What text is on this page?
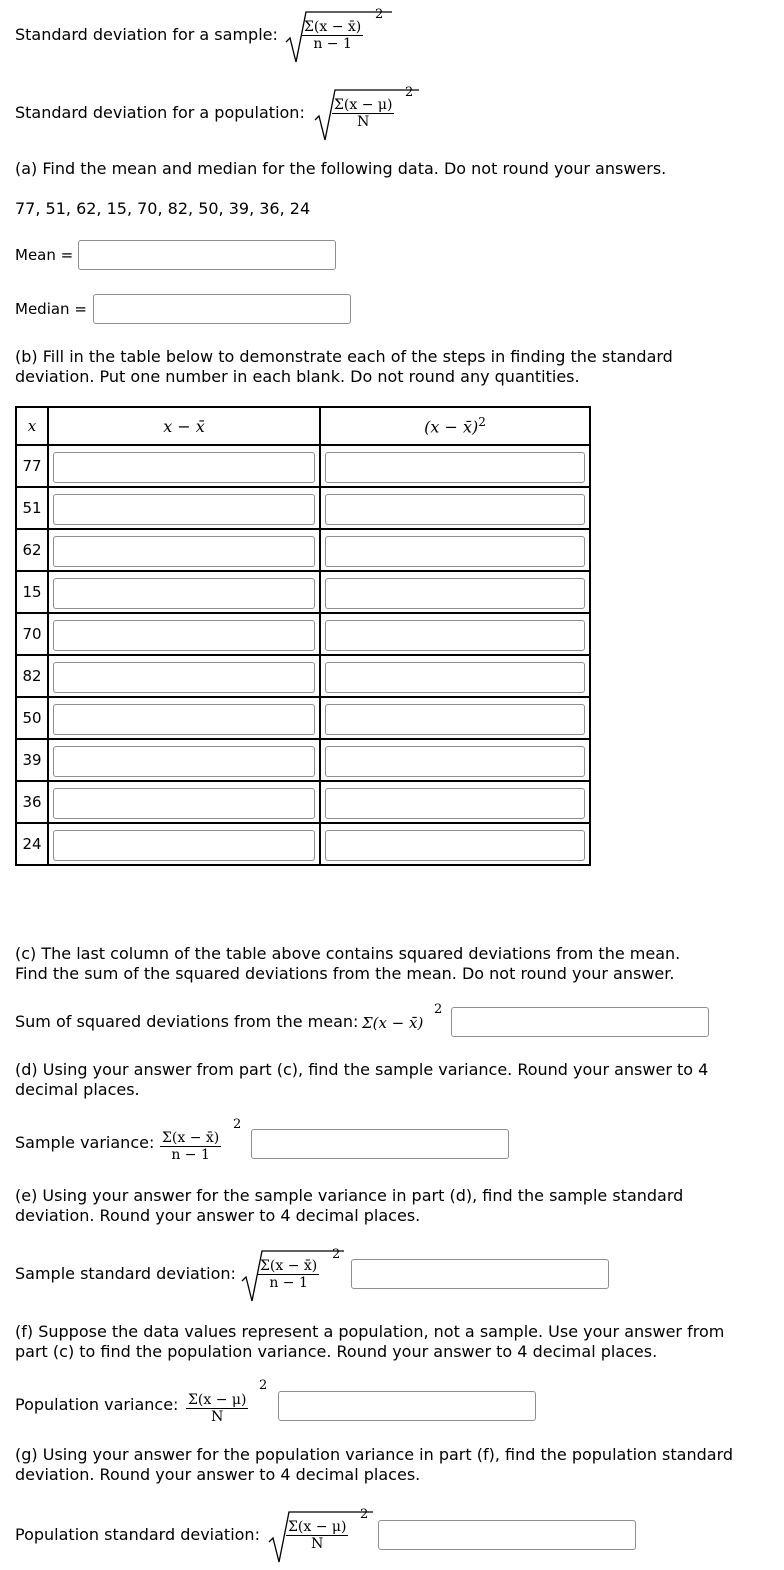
Standard deviation for a sample: $\frac{\Sigma(x - x̄)}{n - 1}$
2
Standard deviation for a population: $\frac{\Sigma(x - \mu)}{N}$
2
(a) Find the mean and median for the following data. Do not round your answers.
77, 51, 62, 15, 70, 82, 50, 39, 36, 24
Mean =
Median =
(b) Fill in the table below to demonstrate each of the steps in finding the standard deviation. Put one number in each blank. Do not round any quantities.
x	x − x̄	(x − x̄)$^2$
77	

51	

62	

15	

70	

82	

50	

39	

36	

24	

(c) The last column of the table above contains squared deviations from the mean. Find the sum of the squared deviations from the mean. Do not round your answer.
Sum of squared deviations from the mean: Σ(x − x̄)
2
(d) Using your answer from part (c), find the sample variance. Round your answer to 4 decimal places.
Sample variance: $\frac{\Sigma(x - x̄)}{n - 1}$
2
(e) Using your answer for the sample variance in part (d), find the sample standard deviation. Round your answer to 4 decimal places.
Sample standard deviation: $\frac{\Sigma(x - x̄)}{n - 1}$
2
(f) Suppose the data values represent a population, not a sample. Use your answer from part (c) to find the population variance. Round your answer to 4 decimal places.
Population variance: $\frac{\Sigma(x - \mu)}{N}$
2
(g) Using your answer for the population variance in part (f), find the population standard deviation. Round your answer to 4 decimal places.
Population standard deviation: $\frac{\Sigma(x - \mu)}{N}$
2
